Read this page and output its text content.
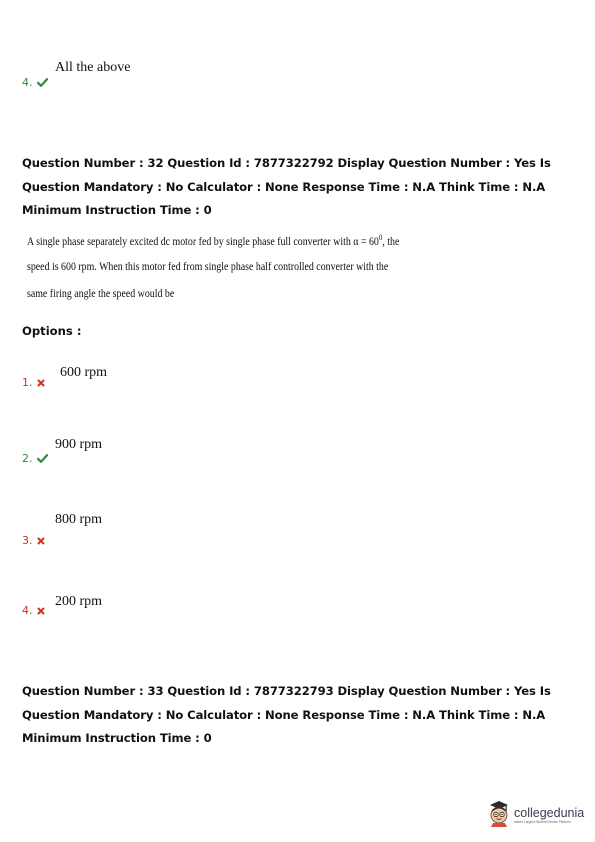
All the above
4.
Question Number : 32 Question Id : 7877322792 Display Question Number : Yes Is Question Mandatory : No Calculator : None Response Time : N.A Think Time : N.A Minimum Instruction Time : 0
A single phase separately excited dc motor fed by single phase full converter with $\alpha = 60^0$, the
speed is 600 rpm. When this motor fed from single phase half controlled converter with the
same firing angle the speed would be
Options :
600 rpm
1.
900 rpm
2.
800 rpm
3.
200 rpm
4.
Question Number : 33 Question Id : 7877322793 Display Question Number : Yes Is Question Mandatory : No Calculator : None Response Time : N.A Think Time : N.A Minimum Instruction Time : 0
collegedunia
India's Largest Student Review Platform
